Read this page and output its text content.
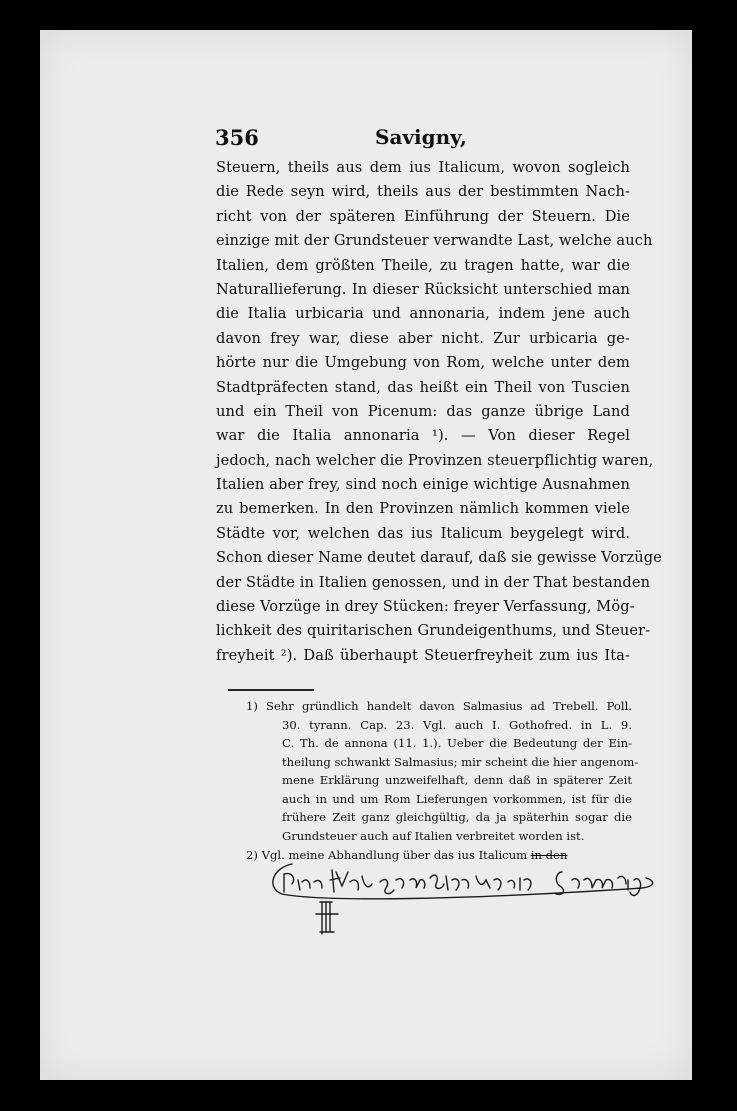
356	Savigny,
Steuern, theils aus dem ius Italicum, wovon sogleich
die Rede seyn wird, theils aus der bestimmten Nach-
richt von der späteren Einführung der Steuern. Die
einzige mit der Grundsteuer verwandte Last, welche auch
Italien, dem größten Theile, zu tragen hatte, war die
Naturallieferung. In dieser Rücksicht unterschied man
die Italia urbicaria und annonaria, indem jene auch
davon frey war, diese aber nicht. Zur urbicaria ge-
hörte nur die Umgebung von Rom, welche unter dem
Stadtpräfecten stand, das heißt ein Theil von Tuscien
und ein Theil von Picenum: das ganze übrige Land
war die Italia annonaria ¹). — Von dieser Regel
jedoch, nach welcher die Provinzen steuerpflichtig waren,
Italien aber frey, sind noch einige wichtige Ausnahmen
zu bemerken. In den Provinzen nämlich kommen viele
Städte vor, welchen das ius Italicum beygelegt wird.
Schon dieser Name deutet darauf, daß sie gewisse Vorzüge
der Städte in Italien genossen, und in der That bestanden
diese Vorzüge in drey Stücken: freyer Verfassung, Mög-
lichkeit des quiritarischen Grundeigenthums, und Steuer-
freyheit ²). Daß überhaupt Steuerfreyheit zum ius Ita-
1) Sehr gründlich handelt davon Salmasius ad Trebell. Poll.
30. tyrann. Cap. 23. Vgl. auch I. Gothofred. in L. 9.
C. Th. de annona (11. 1.). Ueber die Bedeutung der Ein-
theilung schwankt Salmasius; mir scheint die hier angenom-
mene Erklärung unzweifelhaft, denn daß in späterer Zeit
auch in und um Rom Lieferungen vorkommen, ist für die
frühere Zeit ganz gleichgültig, da ja späterhin sogar die
Grundsteuer auch auf Italien verbreitet worden ist.
2) Vgl. meine Abhandlung über das ius Italicum in den
